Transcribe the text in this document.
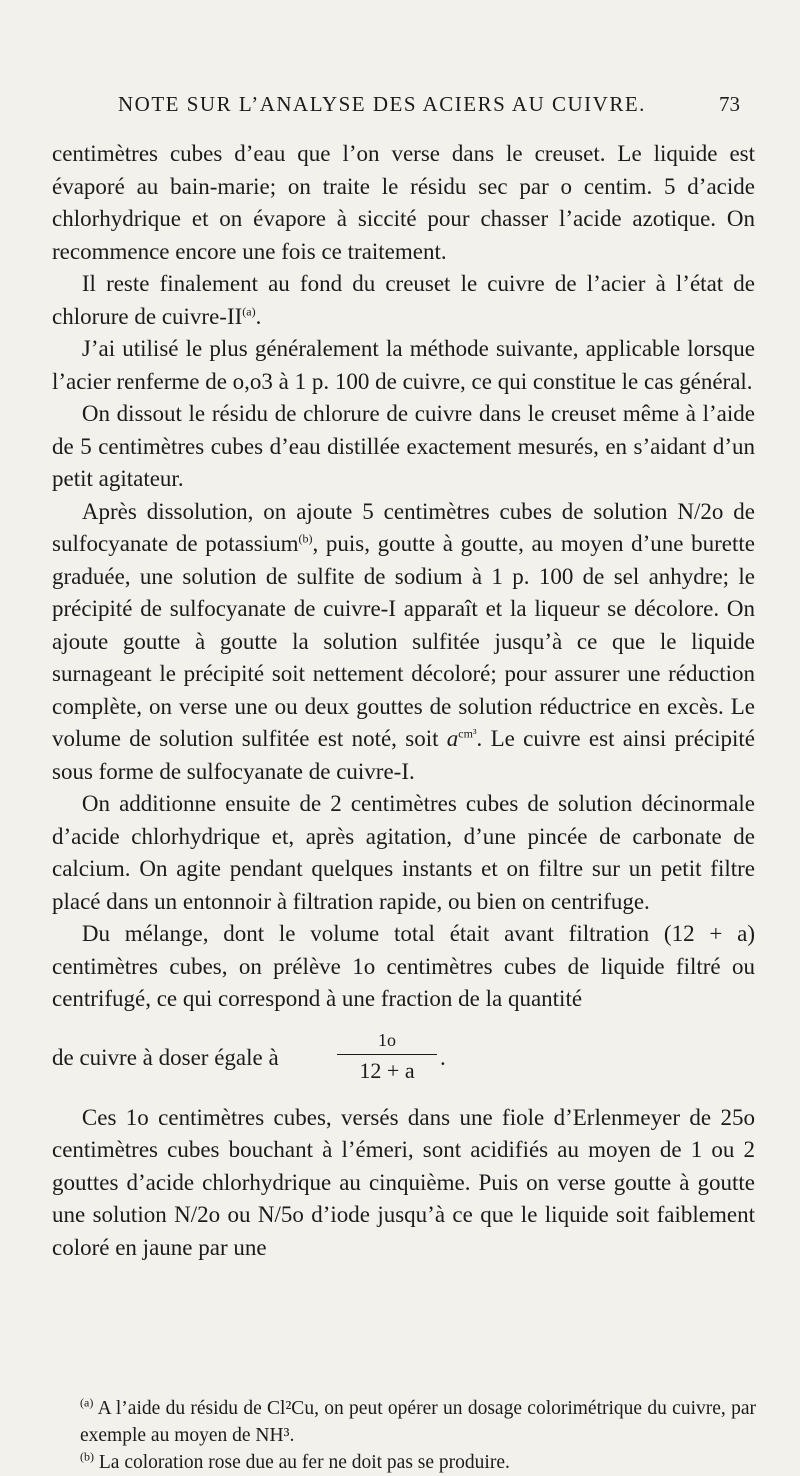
NOTE SUR L’ANALYSE DES ACIERS AU CUIVRE.	73

centimètres cubes d’eau que l’on verse dans le creuset. Le liquide est évaporé au bain-marie; on traite le résidu sec par o centim. 5 d’acide chlorhydrique et on évapore à siccité pour chasser l’acide azotique. On recommence encore une fois ce traitement.

Il reste finalement au fond du creuset le cuivre de l’acier à l’état de chlorure de cuivre-II$^{(a)}$.

J’ai utilisé le plus généralement la méthode suivante, applicable lorsque l’acier renferme de o,o3 à 1 p. 100 de cuivre, ce qui constitue le cas général.

On dissout le résidu de chlorure de cuivre dans le creuset même à l’aide de 5 centimètres cubes d’eau distillée exactement mesurés, en s’aidant d’un petit agitateur.

Après dissolution, on ajoute 5 centimètres cubes de solution N/2o de sulfocyanate de potassium$^{(b)}$, puis, goutte à goutte, au moyen d’une burette graduée, une solution de sulfite de sodium à 1 p. 100 de sel anhydre; le précipité de sulfocyanate de cuivre-I apparaît et la liqueur se décolore. On ajoute goutte à goutte la solution sulfitée jusqu’à ce que le liquide surnageant le précipité soit nettement décoloré; pour assurer une réduction complète, on verse une ou deux gouttes de solution réductrice en excès. Le volume de solution sulfitée est noté, soit $a^{cm^3}$. Le cuivre est ainsi précipité sous forme de sulfocyanate de cuivre-I.

On additionne ensuite de 2 centimètres cubes de solution décinormale d’acide chlorhydrique et, après agitation, d’une pincée de carbonate de calcium. On agite pendant quelques instants et on filtre sur un petit filtre placé dans un entonnoir à filtration rapide, ou bien on centrifuge.

Du mélange, dont le volume total était avant filtration (12 + a) centimètres cubes, on prélève 1o centimètres cubes de liquide filtré ou centrifugé, ce qui correspond à une fraction de la quantité

de cuivre à doser égale à
1o
12 + a
.

Ces 1o centimètres cubes, versés dans une fiole d’Erlenmeyer de 25o centimètres cubes bouchant à l’émeri, sont acidifiés au moyen de 1 ou 2 gouttes d’acide chlorhydrique au cinquième. Puis on verse goutte à goutte une solution N/2o ou N/5o d’iode jusqu’à ce que le liquide soit faiblement coloré en jaune par une

$^{(a)}$ A l’aide du résidu de Cl²Cu, on peut opérer un dosage colorimétrique du cuivre, par exemple au moyen de NH³.

$^{(b)}$ La coloration rose due au fer ne doit pas se produire.
